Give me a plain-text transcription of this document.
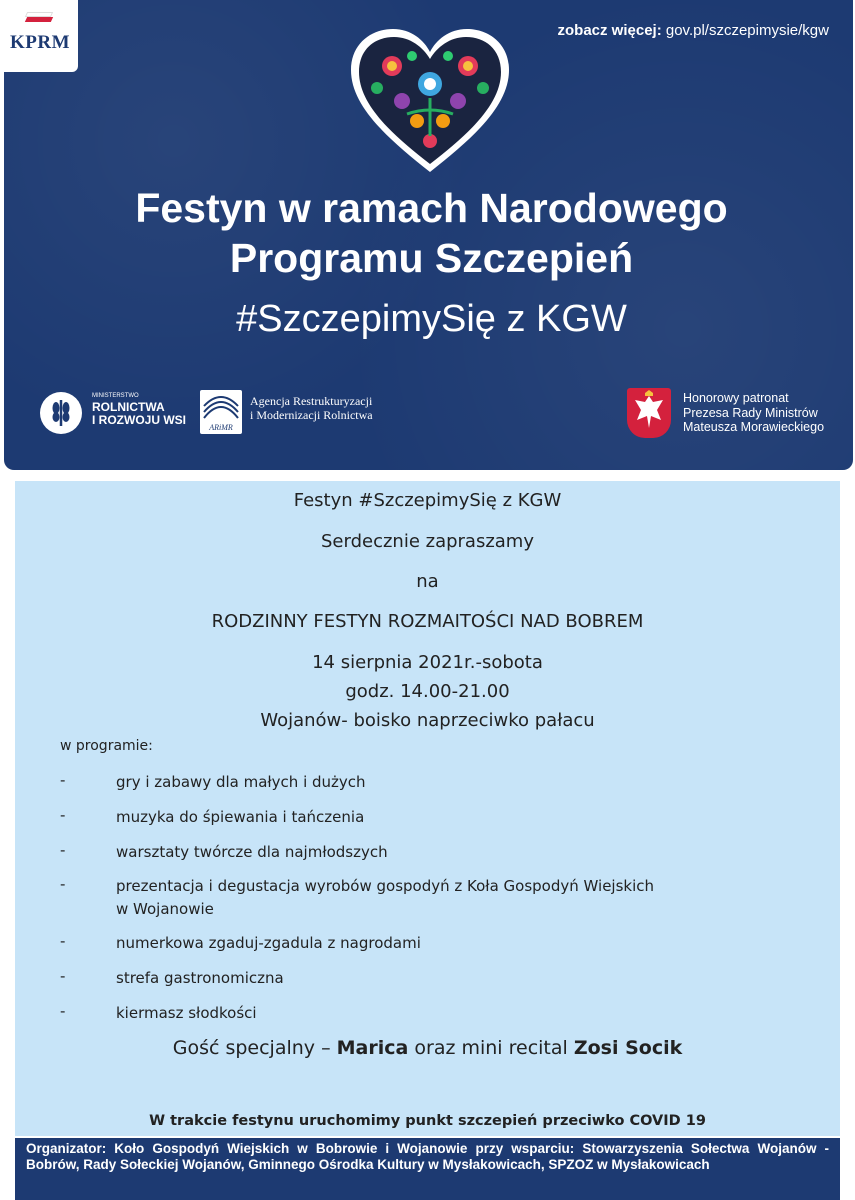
KPRM
zobacz więcej: gov.pl/szczepimysie/kgw
Festyn w ramach Narodowego
Programu Szczepień
#SzczepimySię z KGW
MINISTERSTWO
ROLNICTWA
I ROZWOJU WSI
ARiMR
Agencja Restrukturyzacji
i Modernizacji Rolnictwa
Honorowy patronat
Prezesa Rady Ministrów
Mateusza Morawieckiego
Festyn #SzczepimySię z KGW
Serdecznie zapraszamy
na
RODZINNY FESTYN ROZMAITOŚCI NAD BOBREM
14 sierpnia 2021r.-sobota
godz. 14.00-21.00
Wojanów- boisko naprzeciwko pałacu
w programie:
-	gry i zabawy dla małych i dużych
-	muzyka do śpiewania i tańczenia
-	warsztaty twórcze dla najmłodszych
-	prezentacja i degustacja wyrobów gospodyń z Koła Gospodyń Wiejskich
w Wojanowie
-	numerkowa zgaduj-zgadula z nagrodami
-	strefa gastronomiczna
-	kiermasz słodkości
Gość specjalny – Marica oraz mini recital Zosi Socik
W trakcie festynu uruchomimy punkt szczepień przeciwko COVID 19
Organizator: Koło Gospodyń Wiejskich w Bobrowie i Wojanowie przy wsparciu: Stowarzyszenia Sołectwa Wojanów - Bobrów, Rady Sołeckiej Wojanów, Gminnego Ośrodka Kultury w Mysłakowicach, SPZOZ w Mysłakowicach
